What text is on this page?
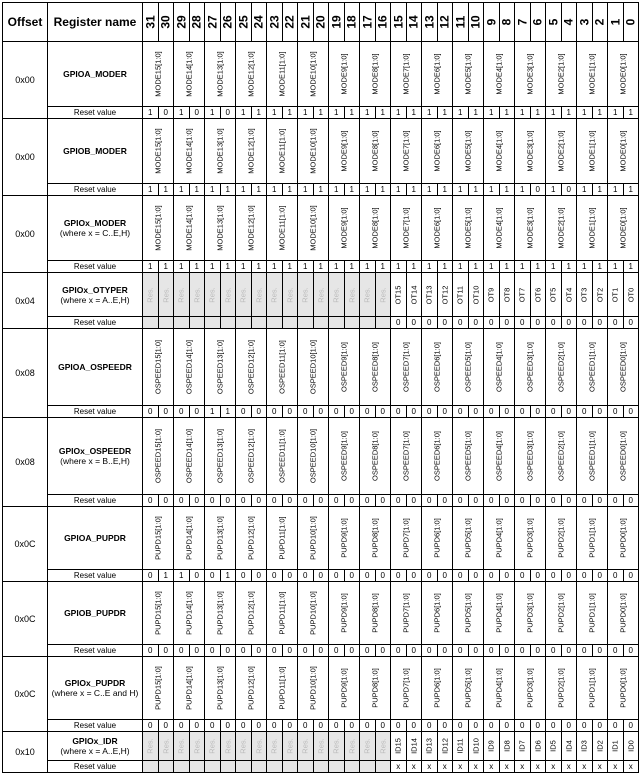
Offset	Register name	31	30	29	28	27	26	25	24	23	22	21	20	19	18	17	16	15	14	13	12	11	10	9	8	7	6	5	4	3	2	1	0
0x00	GPIOA_MODER	MODE15[1:0]		MODE14[1:0]		MODE13[1:0]		MODE12[1:0]		MODE11[1:0]		MODE10[1:0]		MODE9[1:0]		MODE8[1:0]		MODE7[1:0]		MODE6[1:0]		MODE5[1:0]		MODE4[1:0]		MODE3[1:0]		MODE2[1:0]		MODE1[1:0]		MODE0[1:0]	

	Reset value	1	0	1	0	1	0	1	1	1	1	1	1	1	1	1	1	1	1	1	1	1	1	1	1	1	1	1	1	1	1	1	1
0x00	GPIOB_MODER	MODE15[1:0]		MODE14[1:0]		MODE13[1:0]		MODE12[1:0]		MODE11[1:0]		MODE10[1:0]		MODE9[1:0]		MODE8[1:0]		MODE7[1:0]		MODE6[1:0]		MODE5[1:0]		MODE4[1:0]		MODE3[1:0]		MODE2[1:0]		MODE1[1:0]		MODE0[1:0]	

	Reset value	1	1	1	1	1	1	1	1	1	1	1	1	1	1	1	1	1	1	1	1	1	1	1	1	1	0	1	0	1	1	1	1
0x00	GPIOx_MODER
(where x = C..E,H)	MODE15[1:0]		MODE14[1:0]		MODE13[1:0]		MODE12[1:0]		MODE11[1:0]		MODE10[1:0]		MODE9[1:0]		MODE8[1:0]		MODE7[1:0]		MODE6[1:0]		MODE5[1:0]		MODE4[1:0]		MODE3[1:0]		MODE2[1:0]		MODE1[1:0]		MODE0[1:0]	

	Reset value	1	1	1	1	1	1	1	1	1	1	1	1	1	1	1	1	1	1	1	1	1	1	1	1	1	1	1	1	1	1	1	1
0x04	GPIOx_OTYPER
(where x = A..E,H)	Res.	Res.	Res.	Res.	Res.	Res.	Res.	Res.	Res.	Res.	Res.	Res.	Res.	Res.	Res.	Res.	OT15	OT14	OT13	OT12	OT11	OT10	OT9	OT8	OT7	OT6	OT5	OT4	OT3	OT2	OT1	OT0

	Reset value																	0	0	0	0	0	0	0	0	0	0	0	0	0	0	0	0
0x08	GPIOA_OSPEEDR	OSPEED15[1:0]		OSPEED14[1:0]		OSPEED13[1:0]		OSPEED12[1:0]		OSPEED11[1:0]		OSPEED10[1:0]		OSPEED9[1:0]		OSPEED8[1:0]		OSPEED7[1:0]		OSPEED6[1:0]		OSPEED5[1:0]		OSPEED4[1:0]		OSPEED3[1:0]		OSPEED2[1:0]		OSPEED1[1:0]		OSPEED0[1:0]	

	Reset value	0	0	0	0	1	1	0	0	0	0	0	0	0	0	0	0	0	0	0	0	0	0	0	0	0	0	0	0	0	0	0	0
0x08	GPIOx_OSPEEDR
(where x = B..E,H)	OSPEED15[1:0]		OSPEED14[1:0]		OSPEED13[1:0]		OSPEED12[1:0]		OSPEED11[1:0]		OSPEED10[1:0]		OSPEED9[1:0]		OSPEED8[1:0]		OSPEED7[1:0]		OSPEED6[1:0]		OSPEED5[1:0]		OSPEED4[1:0]		OSPEED3[1:0]		OSPEED2[1:0]		OSPEED1[1:0]		OSPEED0[1:0]	

	Reset value	0	0	0	0	0	0	0	0	0	0	0	0	0	0	0	0	0	0	0	0	0	0	0	0	0	0	0	0	0	0	0	0
0x0C	GPIOA_PUPDR	PUPD15[1:0]		PUPD14[1:0]		PUPD13[1:0]		PUPD12[1:0]		PUPD11[1:0]		PUPD10[1:0]		PUPD9[1:0]		PUPD8[1:0]		PUPD7[1:0]		PUPD6[1:0]		PUPD5[1:0]		PUPD4[1:0]		PUPD3[1:0]		PUPD2[1:0]		PUPD1[1:0]		PUPD0[1:0]	

	Reset value	0	1	1	0	0	1	0	0	0	0	0	0	0	0	0	0	0	0	0	0	0	0	0	0	0	0	0	0	0	0	0	0
0x0C	GPIOB_PUPDR	PUPD15[1:0]		PUPD14[1:0]		PUPD13[1:0]		PUPD12[1:0]		PUPD11[1:0]		PUPD10[1:0]		PUPD9[1:0]		PUPD8[1:0]		PUPD7[1:0]		PUPD6[1:0]		PUPD5[1:0]		PUPD4[1:0]		PUPD3[1:0]		PUPD2[1:0]		PUPD1[1:0]		PUPD0[1:0]	

	Reset value	0	0	0	0	0	0	0	0	0	0	0	0	0	0	0	0	0	0	0	0	0	0	0	0	0	0	0	0	0	0	0	0
0x0C	GPIOx_PUPDR
(where x = C..E and H)	PUPD15[1:0]		PUPD14[1:0]		PUPD13[1:0]		PUPD12[1:0]		PUPD11[1:0]		PUPD10[1:0]		PUPD9[1:0]		PUPD8[1:0]		PUPD7[1:0]		PUPD6[1:0]		PUPD5[1:0]		PUPD4[1:0]		PUPD3[1:0]		PUPD2[1:0]		PUPD1[1:0]		PUPD0[1:0]	

	Reset value	0	0	0	0	0	0	0	0	0	0	0	0	0	0	0	0	0	0	0	0	0	0	0	0	0	0	0	0	0	0	0	0
0x10	GPIOx_IDR
(where x = A..E,H)	Res.	Res.	Res.	Res.	Res.	Res.	Res.	Res.	Res.	Res.	Res.	Res.	Res.	Res.	Res.	Res.	ID15	ID14	ID13	ID12	ID11	ID10	ID9	ID8	ID7	ID6	ID5	ID4	ID3	ID2	ID1	ID0

	Reset value																	x	x	x	x	x	x	x	x	x	x	x	x	x	x	x	x
